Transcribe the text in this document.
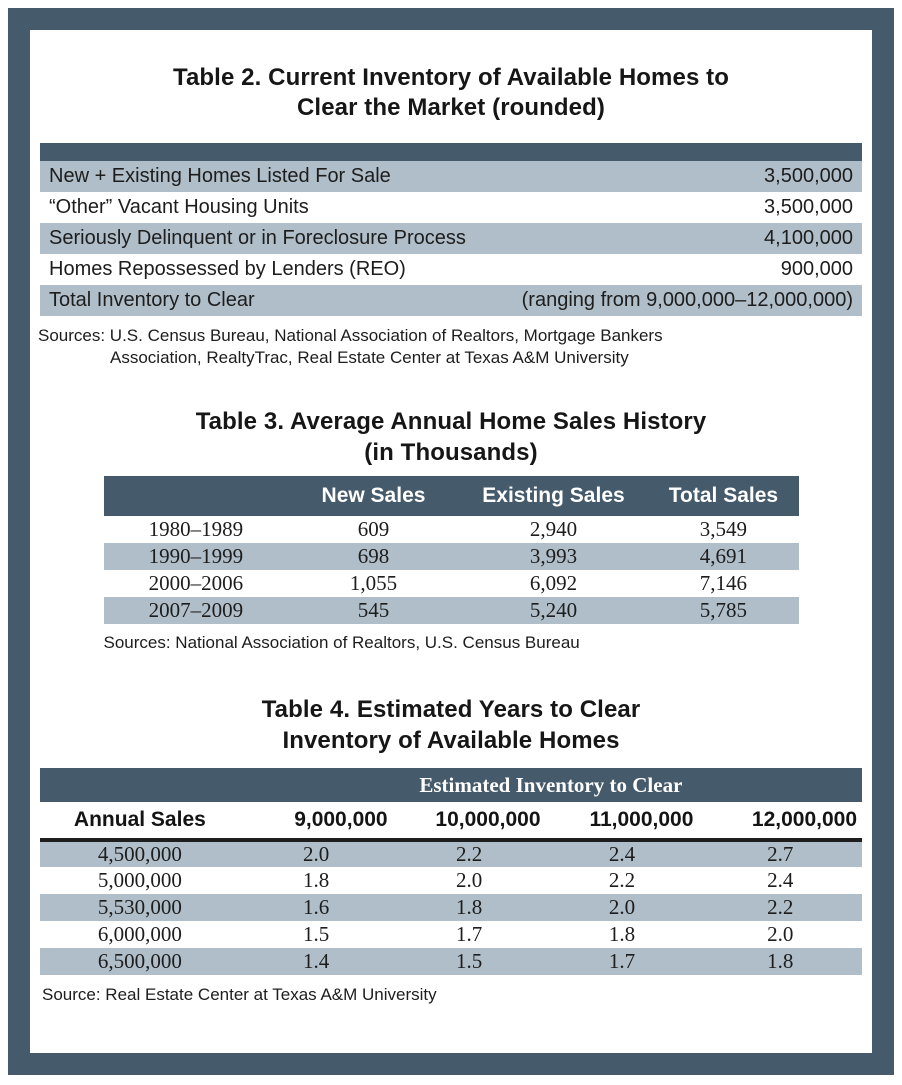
Table 2. Current Inventory of Available Homes to
Clear the Market (rounded)
New + Existing Homes Listed For Sale	3,500,000
“Other” Vacant Housing Units	3,500,000
Seriously Delinquent or in Foreclosure Process	4,100,000
Homes Repossessed by Lenders (REO)	900,000
Total Inventory to Clear	(ranging from 9,000,000–12,000,000)
Sources: U.S. Census Bureau, National Association of Realtors, Mortgage Bankers
Association, RealtyTrac, Real Estate Center at Texas A&M University
Table 3. Average Annual Home Sales History
(in Thousands)
	New Sales	Existing Sales	Total Sales
1980–1989	609	2,940	3,549
1990–1999	698	3,993	4,691
2000–2006	1,055	6,092	7,146
2007–2009	545	5,240	5,785
Sources: National Association of Realtors, U.S. Census Bureau
Table 4. Estimated Years to Clear
Inventory of Available Homes
	Estimated Inventory to Clear			
Annual Sales	9,000,000	10,000,000	11,000,000	12,000,000
4,500,000	2.0	2.2	2.4	2.7
5,000,000	1.8	2.0	2.2	2.4
5,530,000	1.6	1.8	2.0	2.2
6,000,000	1.5	1.7	1.8	2.0
6,500,000	1.4	1.5	1.7	1.8
Source: Real Estate Center at Texas A&M University
